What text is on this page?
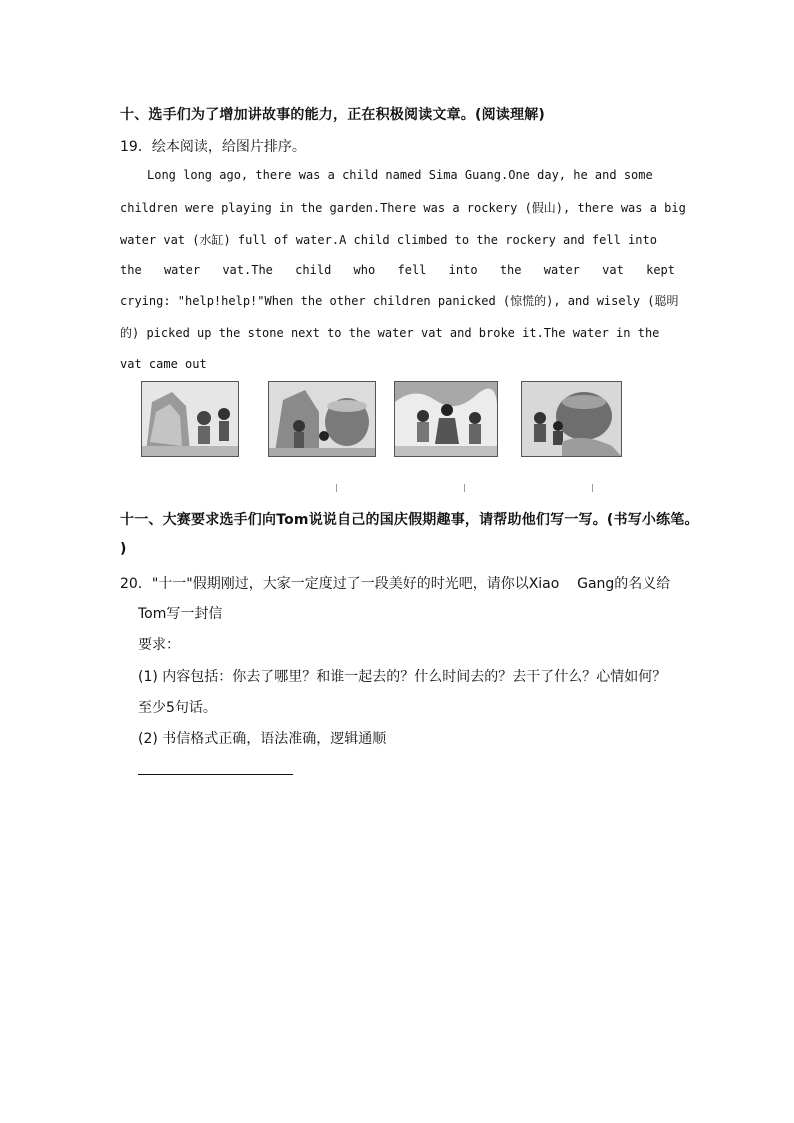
十、选手们为了增加讲故事的能力，正在积极阅读文章。(阅读理解)
19．绘本阅读，给图片排序。
Long long ago, there was a child named Sima Guang.One day, he and some
children were playing in the garden.There was a rockery (假山), there was a big
water vat (水缸) full of water.A child climbed to the rockery and fell into
the water vat.The child who fell into the water vat kept
crying: "help!help!"When the other children panicked (惊慌的), and wisely (聪明
的) picked up the stone next to the water vat and broke it.The water in the
vat came out
十一、大赛要求选手们向Tom说说自己的国庆假期趣事，请帮助他们写一写。(书写小练笔。
)
20．"十一"假期刚过，大家一定度过了一段美好的时光吧，请你以Xiao    Gang的名义给
Tom写一封信
要求：
(1) 内容包括：你去了哪里？和谁一起去的？什么时间去的？去干了什么？心情如何？
至少5句话。
(2) 书信格式正确，语法准确，逻辑通顺
